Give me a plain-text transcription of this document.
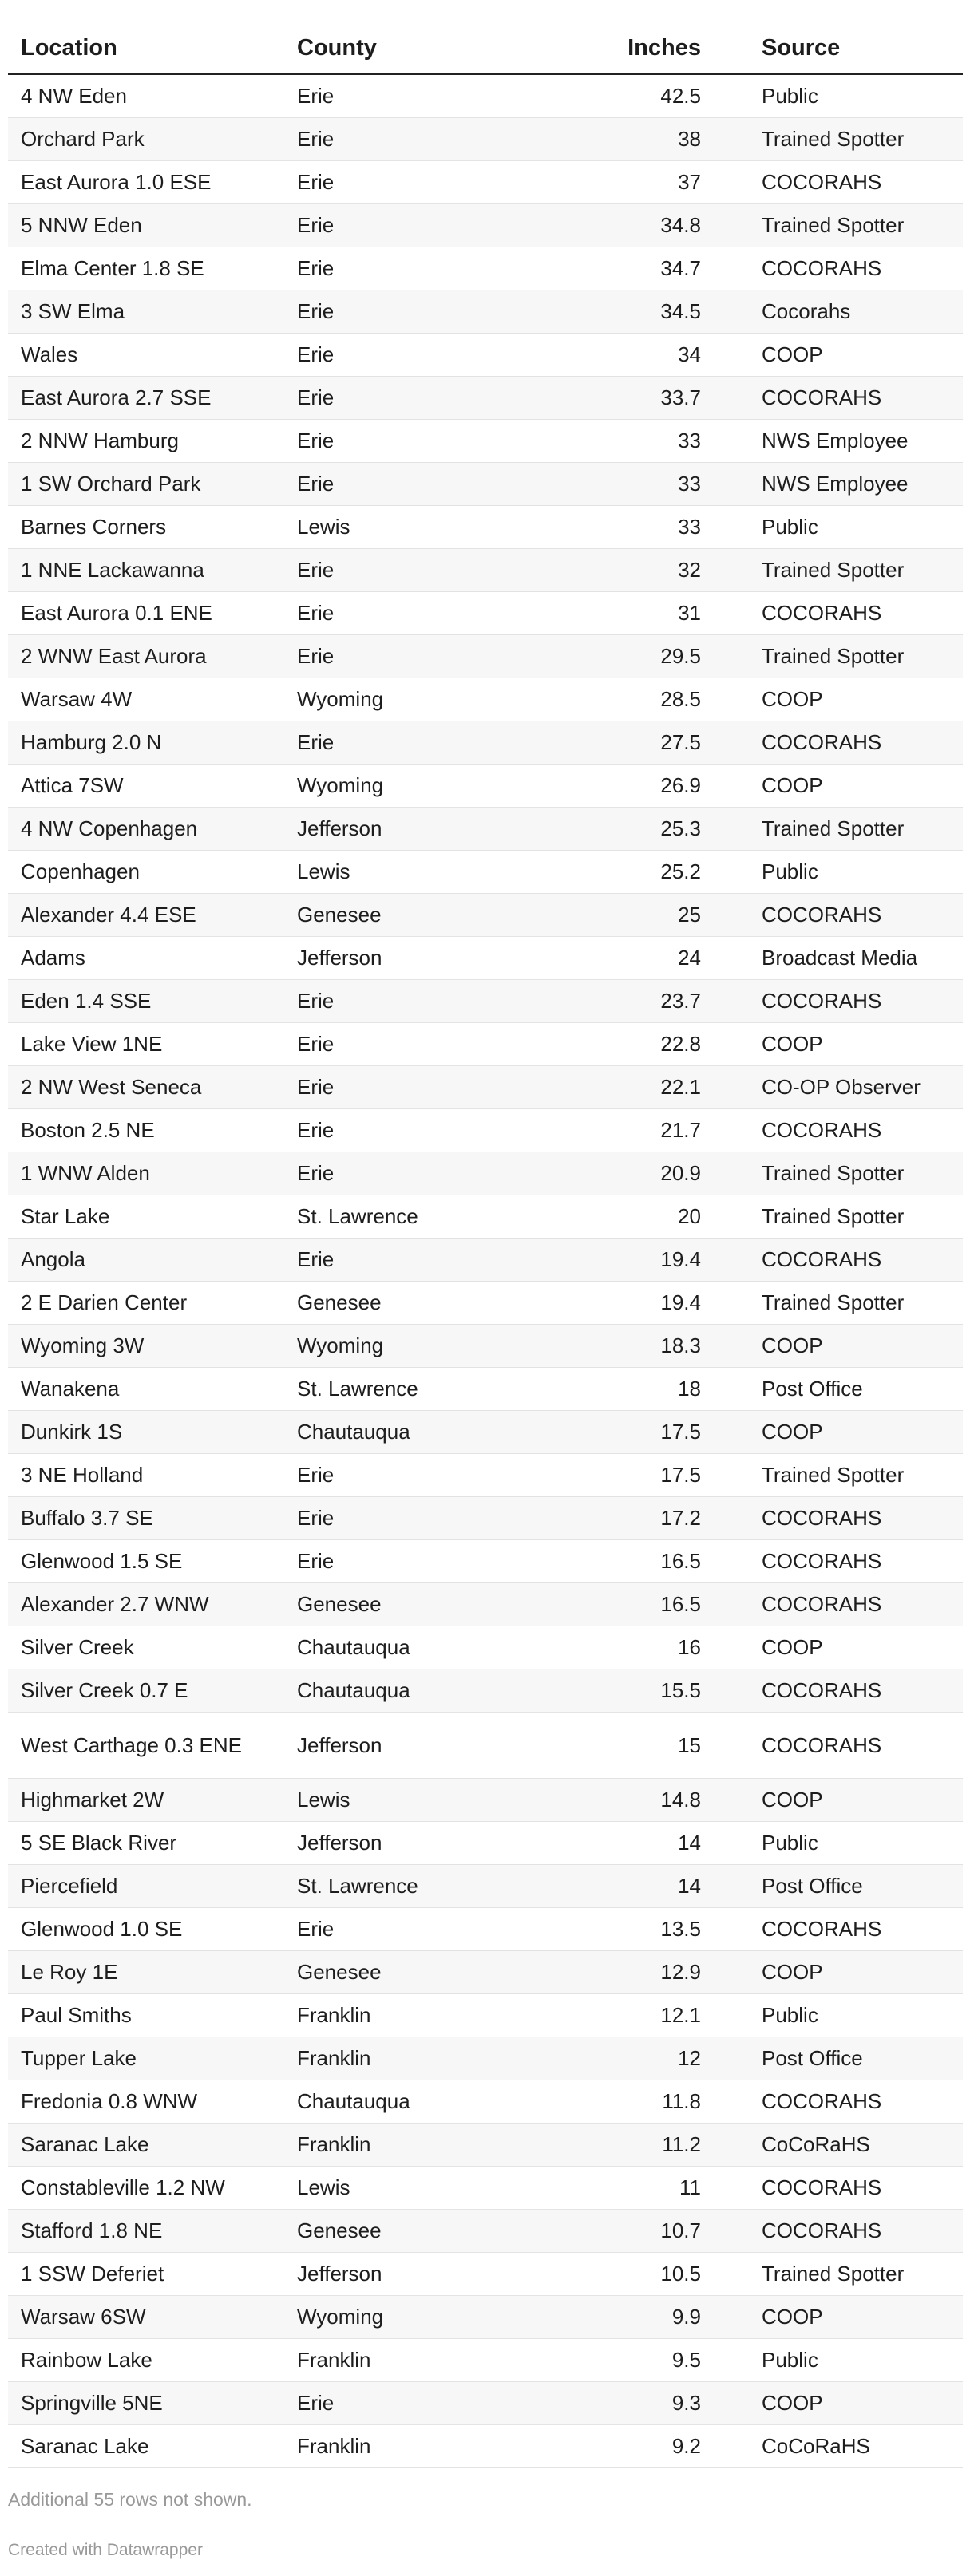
Location	County	Inches	Source
4 NW Eden	Erie	42.5	Public
Orchard Park	Erie	38	Trained Spotter
East Aurora 1.0 ESE	Erie	37	COCORAHS
5 NNW Eden	Erie	34.8	Trained Spotter
Elma Center 1.8 SE	Erie	34.7	COCORAHS
3 SW Elma	Erie	34.5	Cocorahs
Wales	Erie	34	COOP
East Aurora 2.7 SSE	Erie	33.7	COCORAHS
2 NNW Hamburg	Erie	33	NWS Employee
1 SW Orchard Park	Erie	33	NWS Employee
Barnes Corners	Lewis	33	Public
1 NNE Lackawanna	Erie	32	Trained Spotter
East Aurora 0.1 ENE	Erie	31	COCORAHS
2 WNW East Aurora	Erie	29.5	Trained Spotter
Warsaw 4W	Wyoming	28.5	COOP
Hamburg 2.0 N	Erie	27.5	COCORAHS
Attica 7SW	Wyoming	26.9	COOP
4 NW Copenhagen	Jefferson	25.3	Trained Spotter
Copenhagen	Lewis	25.2	Public
Alexander 4.4 ESE	Genesee	25	COCORAHS
Adams	Jefferson	24	Broadcast Media
Eden 1.4 SSE	Erie	23.7	COCORAHS
Lake View 1NE	Erie	22.8	COOP
2 NW West Seneca	Erie	22.1	CO-OP Observer
Boston 2.5 NE	Erie	21.7	COCORAHS
1 WNW Alden	Erie	20.9	Trained Spotter
Star Lake	St. Lawrence	20	Trained Spotter
Angola	Erie	19.4	COCORAHS
2 E Darien Center	Genesee	19.4	Trained Spotter
Wyoming 3W	Wyoming	18.3	COOP
Wanakena	St. Lawrence	18	Post Office
Dunkirk 1S	Chautauqua	17.5	COOP
3 NE Holland	Erie	17.5	Trained Spotter
Buffalo 3.7 SE	Erie	17.2	COCORAHS
Glenwood 1.5 SE	Erie	16.5	COCORAHS
Alexander 2.7 WNW	Genesee	16.5	COCORAHS
Silver Creek	Chautauqua	16	COOP
Silver Creek 0.7 E	Chautauqua	15.5	COCORAHS
West Carthage 0.3 ENE	Jefferson	15	COCORAHS
Highmarket 2W	Lewis	14.8	COOP
5 SE Black River	Jefferson	14	Public
Piercefield	St. Lawrence	14	Post Office
Glenwood 1.0 SE	Erie	13.5	COCORAHS
Le Roy 1E	Genesee	12.9	COOP
Paul Smiths	Franklin	12.1	Public
Tupper Lake	Franklin	12	Post Office
Fredonia 0.8 WNW	Chautauqua	11.8	COCORAHS
Saranac Lake	Franklin	11.2	CoCoRaHS
Constableville 1.2 NW	Lewis	11	COCORAHS
Stafford 1.8 NE	Genesee	10.7	COCORAHS
1 SSW Deferiet	Jefferson	10.5	Trained Spotter
Warsaw 6SW	Wyoming	9.9	COOP
Rainbow Lake	Franklin	9.5	Public
Springville 5NE	Erie	9.3	COOP
Saranac Lake	Franklin	9.2	CoCoRaHS
Additional 55 rows not shown.
Created with Datawrapper
